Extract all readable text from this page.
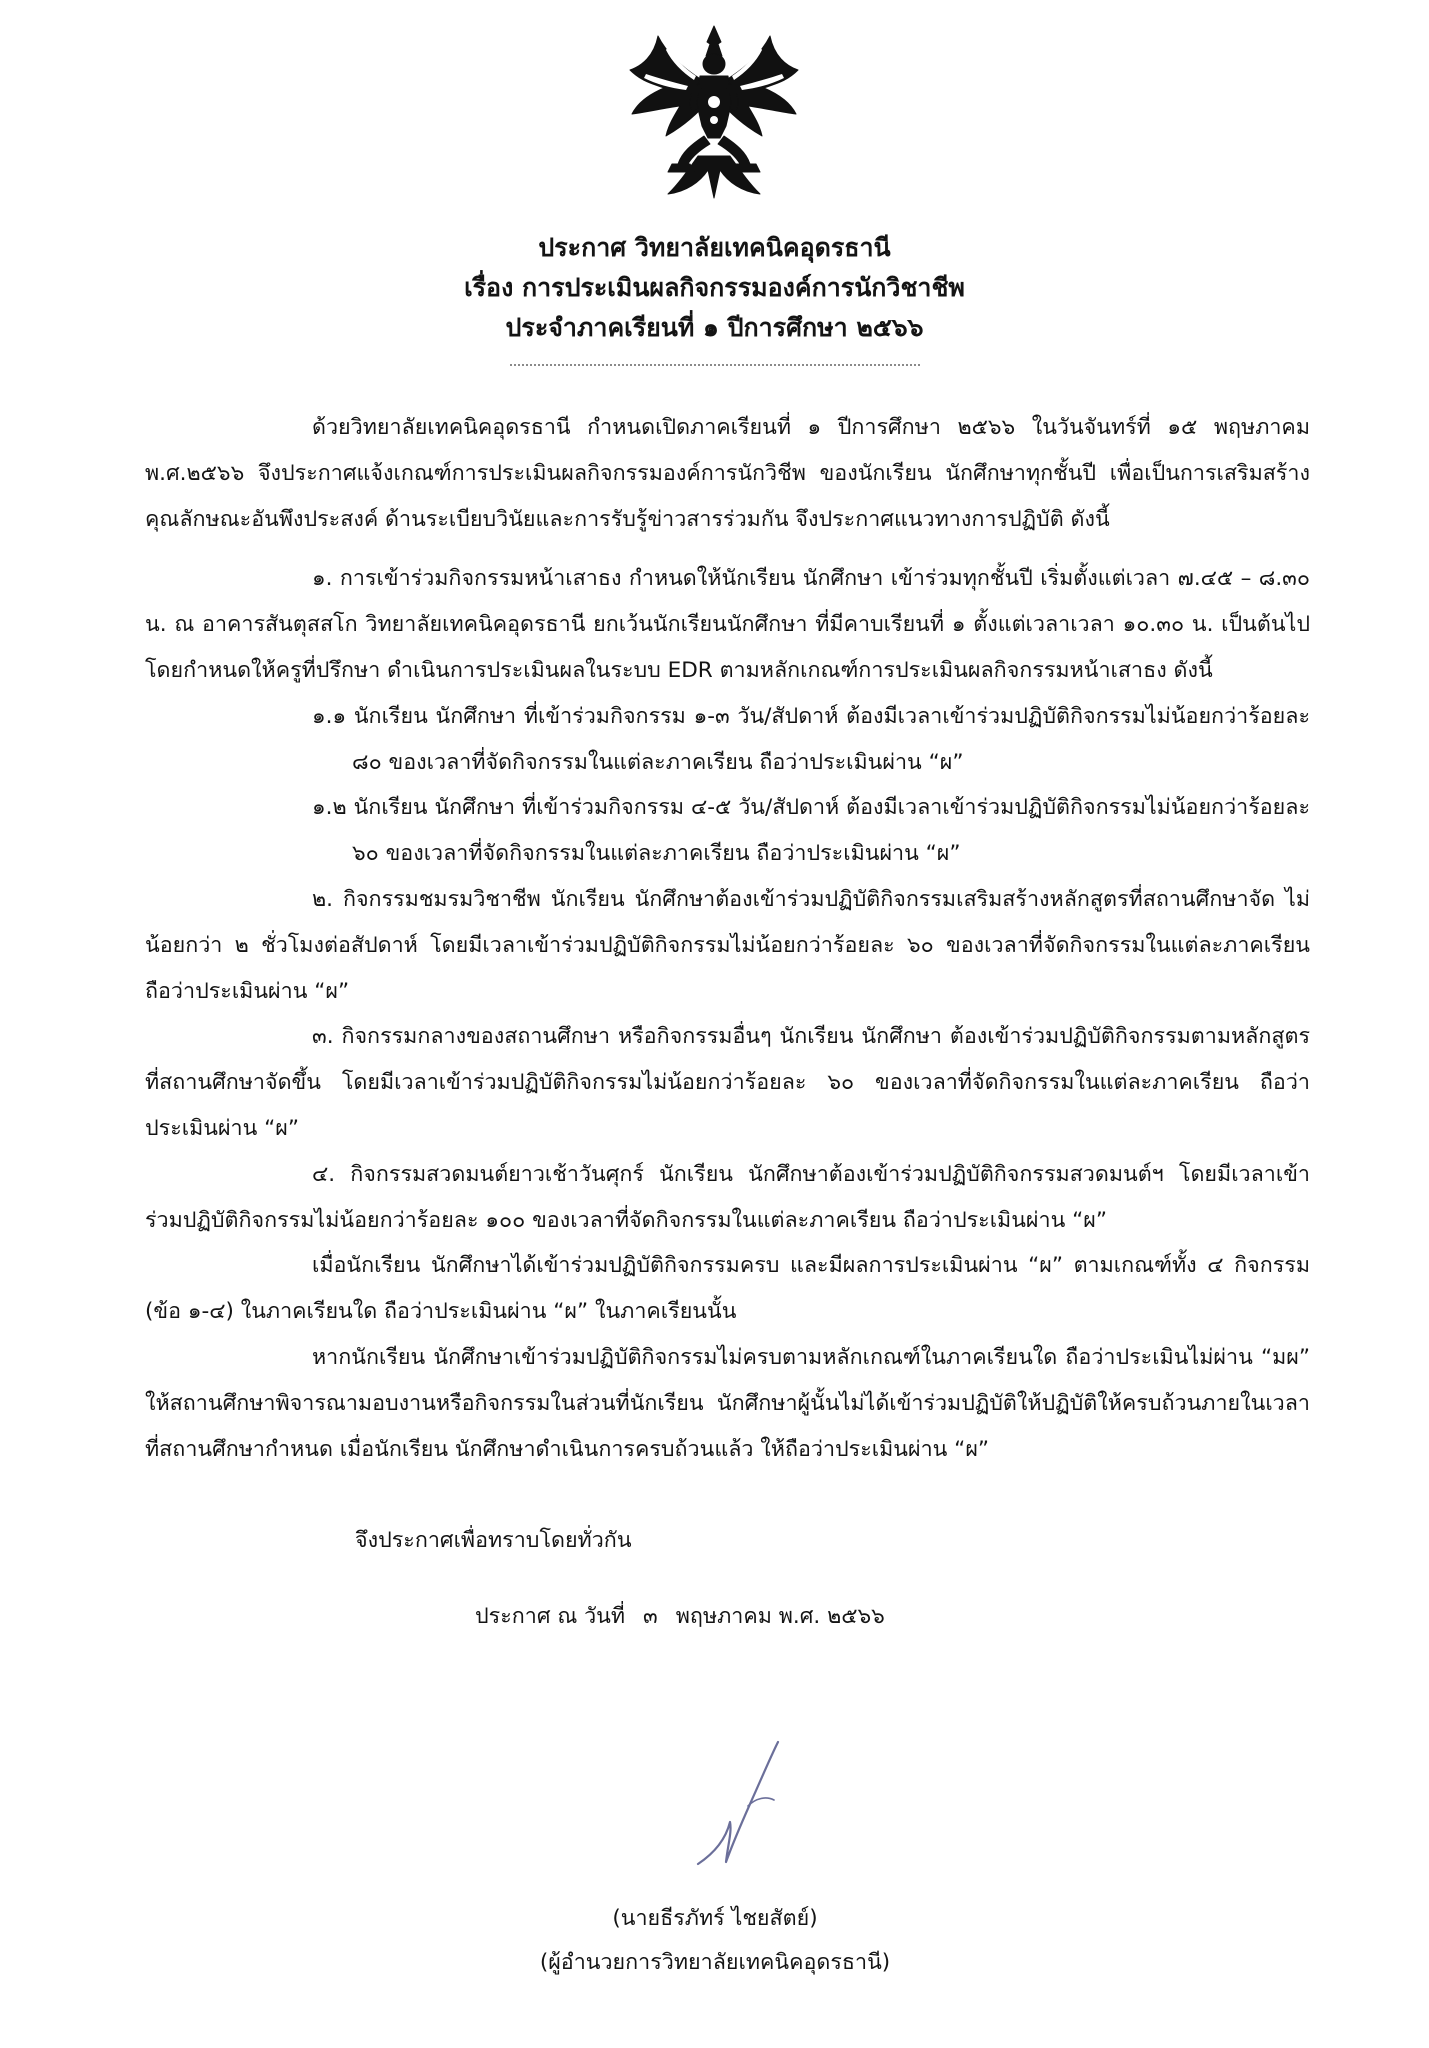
ประกาศ วิทยาลัยเทคนิคอุดรธานี
เรื่อง การประเมินผลกิจกรรมองค์การนักวิชาชีพ
ประจำภาคเรียนที่ ๑ ปีการศึกษา ๒๕๖๖

ด้วยวิทยาลัยเทคนิคอุดรธานี กำหนดเปิดภาคเรียนที่ ๑ ปีการศึกษา ๒๕๖๖ ในวันจันทร์ที่ ๑๕ พฤษภาคม พ.ศ.๒๕๖๖ จึงประกาศแจ้งเกณฑ์การประเมินผลกิจกรรมองค์การนักวิชีพ ของนักเรียน นักศึกษาทุกชั้นปี เพื่อเป็นการเสริมสร้างคุณลักษณะอันพึงประสงค์ ด้านระเบียบวินัยและการรับรู้ข่าวสารร่วมกัน จึงประกาศแนวทางการปฏิบัติ ดังนี้

๑. การเข้าร่วมกิจกรรมหน้าเสาธง กำหนดให้นักเรียน นักศึกษา เข้าร่วมทุกชั้นปี เริ่มตั้งแต่เวลา ๗.๔๕ – ๘.๓๐ น. ณ อาคารสันตุสสโก วิทยาลัยเทคนิคอุดรธานี ยกเว้นนักเรียนนักศึกษา ที่มีคาบเรียนที่ ๑ ตั้งแต่เวลาเวลา ๑๐.๓๐ น. เป็นต้นไป โดยกำหนดให้ครูที่ปรึกษา ดำเนินการประเมินผลในระบบ EDR ตามหลักเกณฑ์การประเมินผลกิจกรรมหน้าเสาธง ดังนี้

๑.๑ นักเรียน นักศึกษา ที่เข้าร่วมกิจกรรม ๑-๓ วัน/สัปดาห์ ต้องมีเวลาเข้าร่วมปฏิบัติกิจกรรมไม่น้อยกว่าร้อยละ ๘๐ ของเวลาที่จัดกิจกรรมในแต่ละภาคเรียน ถือว่าประเมินผ่าน “ผ”

๑.๒ นักเรียน นักศึกษา ที่เข้าร่วมกิจกรรม ๔-๕ วัน/สัปดาห์ ต้องมีเวลาเข้าร่วมปฏิบัติกิจกรรมไม่น้อยกว่าร้อยละ ๖๐ ของเวลาที่จัดกิจกรรมในแต่ละภาคเรียน ถือว่าประเมินผ่าน “ผ”

๒. กิจกรรมชมรมวิชาชีพ นักเรียน นักศึกษาต้องเข้าร่วมปฏิบัติกิจกรรมเสริมสร้างหลักสูตรที่สถานศึกษาจัด ไม่น้อยกว่า ๒ ชั่วโมงต่อสัปดาห์ โดยมีเวลาเข้าร่วมปฏิบัติกิจกรรมไม่น้อยกว่าร้อยละ ๖๐ ของเวลาที่จัดกิจกรรมในแต่ละภาคเรียน ถือว่าประเมินผ่าน “ผ”

๓. กิจกรรมกลางของสถานศึกษา หรือกิจกรรมอื่นๆ นักเรียน นักศึกษา ต้องเข้าร่วมปฏิบัติกิจกรรมตามหลักสูตรที่สถานศึกษาจัดขึ้น โดยมีเวลาเข้าร่วมปฏิบัติกิจกรรมไม่น้อยกว่าร้อยละ ๖๐ ของเวลาที่จัดกิจกรรมในแต่ละภาคเรียน ถือว่าประเมินผ่าน “ผ”

๔. กิจกรรมสวดมนต์ยาวเช้าวันศุกร์ นักเรียน นักศึกษาต้องเข้าร่วมปฏิบัติกิจกรรมสวดมนต์ฯ โดยมีเวลาเข้าร่วมปฏิบัติกิจกรรมไม่น้อยกว่าร้อยละ ๑๐๐ ของเวลาที่จัดกิจกรรมในแต่ละภาคเรียน ถือว่าประเมินผ่าน “ผ”

เมื่อนักเรียน นักศึกษาได้เข้าร่วมปฏิบัติกิจกรรมครบ และมีผลการประเมินผ่าน “ผ” ตามเกณฑ์ทั้ง ๔ กิจกรรม (ข้อ ๑-๔) ในภาคเรียนใด ถือว่าประเมินผ่าน “ผ” ในภาคเรียนนั้น

หากนักเรียน นักศึกษาเข้าร่วมปฏิบัติกิจกรรมไม่ครบตามหลักเกณฑ์ในภาคเรียนใด ถือว่าประเมินไม่ผ่าน “มผ” ให้สถานศึกษาพิจารณามอบงานหรือกิจกรรมในส่วนที่นักเรียน นักศึกษาผู้นั้นไม่ได้เข้าร่วมปฏิบัติให้ปฏิบัติให้ครบถ้วนภายในเวลาที่สถานศึกษากำหนด เมื่อนักเรียน นักศึกษาดำเนินการครบถ้วนแล้ว ให้ถือว่าประเมินผ่าน “ผ”

จึงประกาศเพื่อทราบโดยทั่วกัน

ประกาศ ณ วันที่ ๓ พฤษภาคม พ.ศ. ๒๕๖๖

(นายธีรภัทร์ ไชยสัตย์)
(ผู้อำนวยการวิทยาลัยเทคนิคอุดรธานี)
